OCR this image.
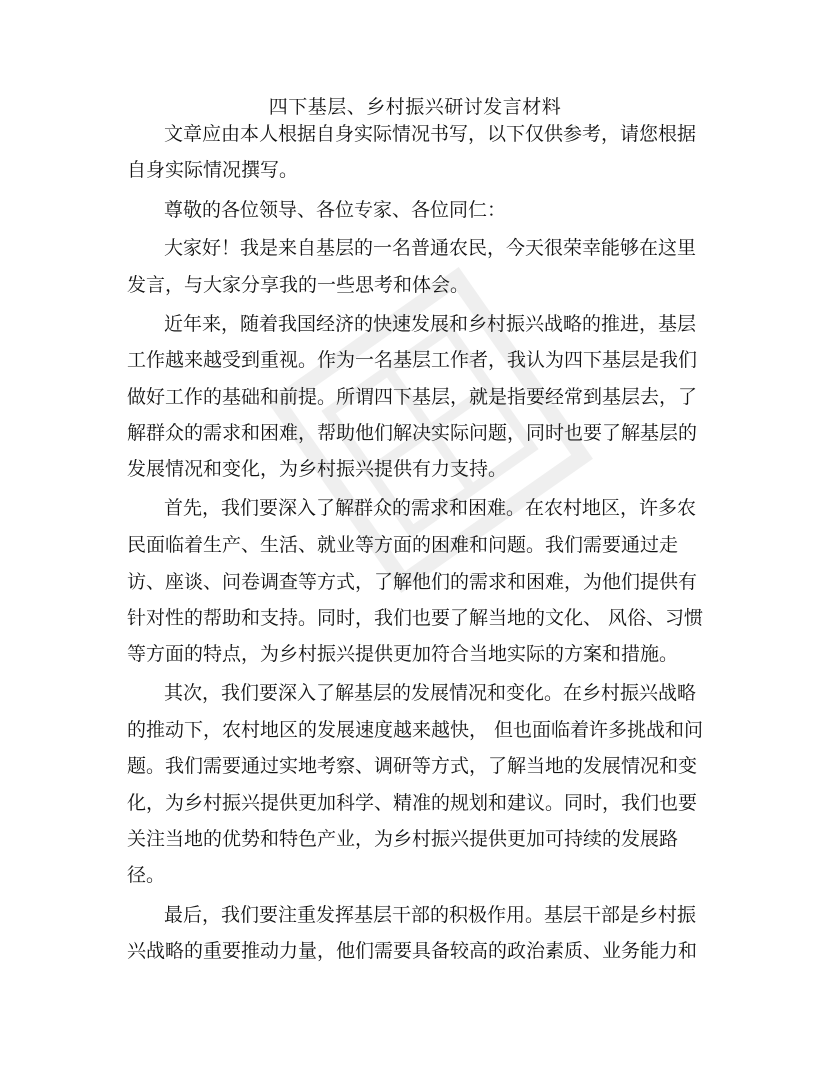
四下基层、乡村振兴研讨发言材料
文章应由本人根据自身实际情况书写，以下仅供参考，请您根据
自身实际情况撰写。
尊敬的各位领导、各位专家、各位同仁：
大家好！我是来自基层的一名普通农民，今天很荣幸能够在这里
发言，与大家分享我的一些思考和体会。
近年来，随着我国经济的快速发展和乡村振兴战略的推进，基层
工作越来越受到重视。作为一名基层工作者，我认为四下基层是我们
做好工作的基础和前提。所谓四下基层，就是指要经常到基层去，了
解群众的需求和困难，帮助他们解决实际问题，同时也要了解基层的
发展情况和变化，为乡村振兴提供有力支持。
首先，我们要深入了解群众的需求和困难。在农村地区，许多农
民面临着生产、生活、就业等方面的困难和问题。我们需要通过走
访、座谈、问卷调查等方式，了解他们的需求和困难，为他们提供有
针对性的帮助和支持。同时，我们也要了解当地的文化、 风俗、习惯
等方面的特点，为乡村振兴提供更加符合当地实际的方案和措施。
其次，我们要深入了解基层的发展情况和变化。在乡村振兴战略
的推动下，农村地区的发展速度越来越快， 但也面临着许多挑战和问
题。我们需要通过实地考察、调研等方式，了解当地的发展情况和变
化，为乡村振兴提供更加科学、精准的规划和建议。同时，我们也要
关注当地的优势和特色产业，为乡村振兴提供更加可持续的发展路
径。
最后，我们要注重发挥基层干部的积极作用。基层干部是乡村振
兴战略的重要推动力量，他们需要具备较高的政治素质、业务能力和
